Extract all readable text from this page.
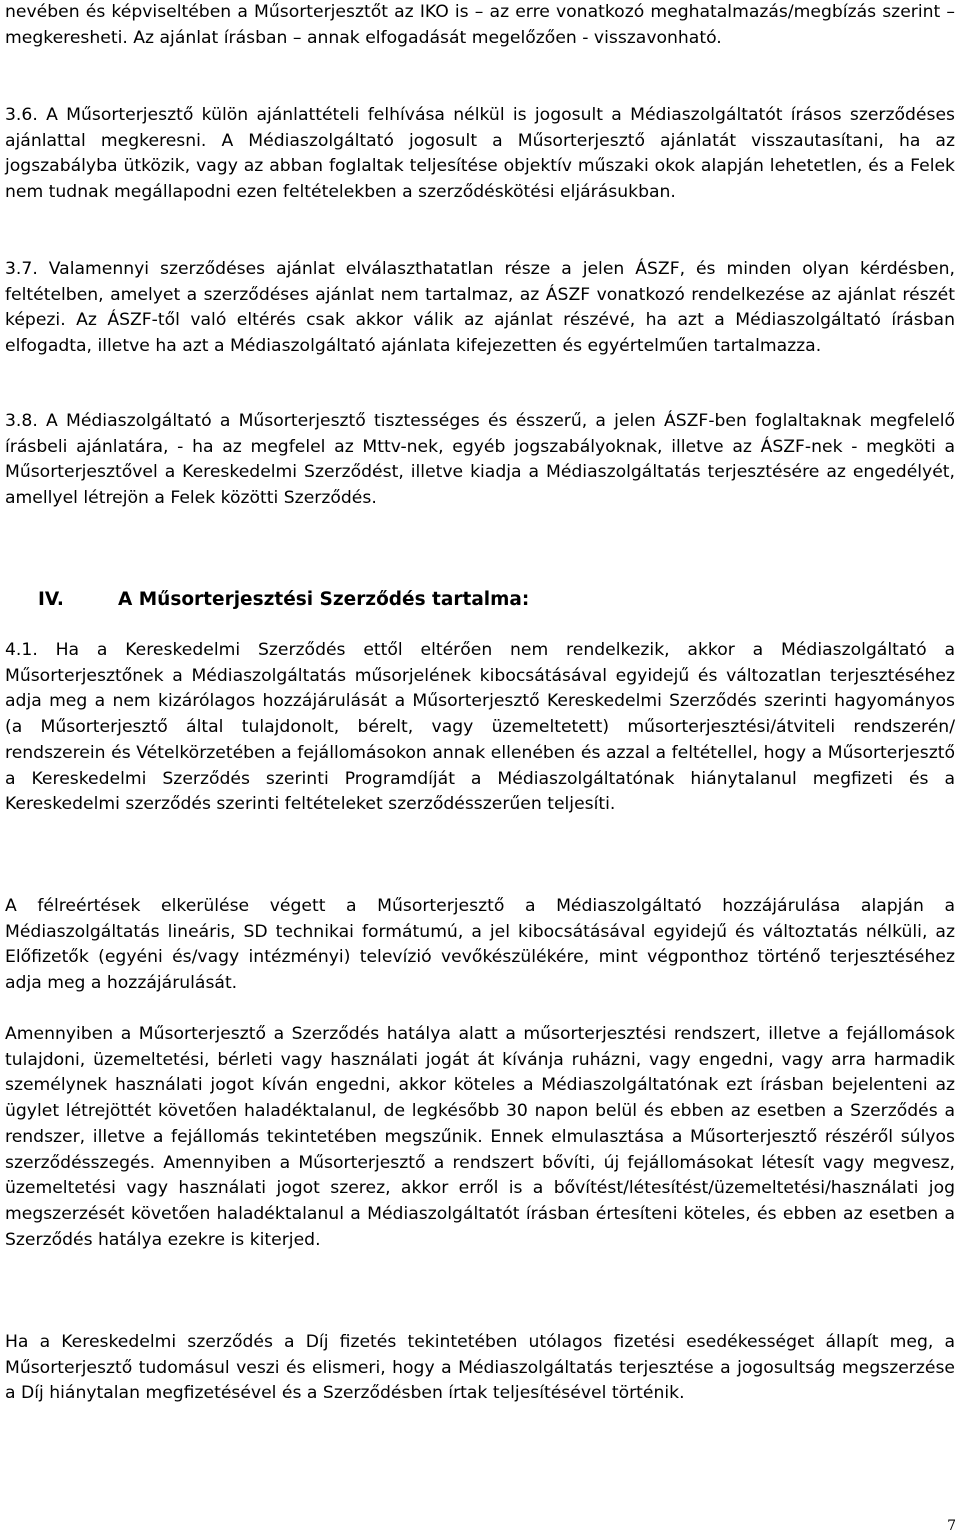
nevében és képviseltében a Műsorterjesztőt az IKO is – az erre vonatkozó meghatalmazás/megbízás szerint – megkeresheti. Az ajánlat írásban – annak elfogadását megelőzően - visszavonható.

3.6. A Műsorterjesztő külön ajánlattételi felhívása nélkül is jogosult a Médiaszolgáltatót írásos szerződéses ajánlattal megkeresni. A Médiaszolgáltató jogosult a Műsorterjesztő ajánlatát visszautasítani, ha az jogszabályba ütközik, vagy az abban foglaltak teljesítése objektív műszaki okok alapján lehetetlen, és a Felek nem tudnak megállapodni ezen feltételekben a szerződéskötési eljárásukban.

3.7. Valamennyi szerződéses ajánlat elválaszthatatlan része a jelen ÁSZF, és minden olyan kérdésben, feltételben, amelyet a szerződéses ajánlat nem tartalmaz, az ÁSZF vonatkozó rendelkezése az ajánlat részét képezi. Az ÁSZF-től való eltérés csak akkor válik az ajánlat részévé, ha azt a Médiaszolgáltató írásban elfogadta, illetve ha azt a Médiaszolgáltató ajánlata kifejezetten és egyértelműen tartalmazza.

3.8. A Médiaszolgáltató a Műsorterjesztő tisztességes és ésszerű, a jelen ÁSZF-ben foglaltaknak megfelelő írásbeli ajánlatára, - ha az megfelel az Mttv-nek, egyéb jogszabályoknak, illetve az ÁSZF-nek - megköti a Műsorterjesztővel a Kereskedelmi Szerződést, illetve kiadja a Médiaszolgáltatás terjesztésére az engedélyét, amellyel létrejön a Felek közötti Szerződés.

IV.	A Műsorterjesztési Szerződés tartalma:

4.1. Ha a Kereskedelmi Szerződés ettől eltérően nem rendelkezik, akkor a Médiaszolgáltató a Műsorterjesztőnek a Médiaszolgáltatás műsorjelének kibocsátásával egyidejű és változatlan terjesztéséhez adja meg a nem kizárólagos hozzájárulását a Műsorterjesztő Kereskedelmi Szerződés szerinti hagyományos (a Műsorterjesztő által tulajdonolt, bérelt, vagy üzemeltetett) műsorterjesztési/átviteli rendszerén/ rendszerein és Vételkörzetében a fejállomásokon annak ellenében és azzal a feltétellel, hogy a Műsorterjesztő a Kereskedelmi Szerződés szerinti Programdíját a Médiaszolgáltatónak hiánytalanul megfizeti és a Kereskedelmi szerződés szerinti feltételeket szerződésszerűen teljesíti.

A félreértések elkerülése végett a Műsorterjesztő a Médiaszolgáltató hozzájárulása alapján a Médiaszolgáltatás lineáris, SD technikai formátumú, a jel kibocsátásával egyidejű és változtatás nélküli, az Előfizetők (egyéni és/vagy intézményi) televízió vevőkészülékére, mint végponthoz történő terjesztéséhez adja meg a hozzájárulását.

Amennyiben a Műsorterjesztő a Szerződés hatálya alatt a műsorterjesztési rendszert, illetve a fejállomások tulajdoni, üzemeltetési, bérleti vagy használati jogát át kívánja ruházni, vagy engedni, vagy arra harmadik személynek használati jogot kíván engedni, akkor köteles a Médiaszolgáltatónak ezt írásban bejelenteni az ügylet létrejöttét követően haladéktalanul, de legkésőbb 30 napon belül és ebben az esetben a Szerződés a rendszer, illetve a fejállomás tekintetében megszűnik. Ennek elmulasztása a Műsorterjesztő részéről súlyos szerződésszegés. Amennyiben a Műsorterjesztő a rendszert bővíti, új fejállomásokat létesít vagy megvesz, üzemeltetési vagy használati jogot szerez, akkor erről is a bővítést/létesítést/üzemeltetési/használati jog megszerzését követően haladéktalanul a Médiaszolgáltatót írásban értesíteni köteles, és ebben az esetben a Szerződés hatálya ezekre is kiterjed.

Ha a Kereskedelmi szerződés a Díj fizetés tekintetében utólagos fizetési esedékességet állapít meg, a Műsorterjesztő tudomásul veszi és elismeri, hogy a Médiaszolgáltatás terjesztése a jogosultság megszerzése a Díj hiánytalan megfizetésével és a Szerződésben írtak teljesítésével történik.

7
